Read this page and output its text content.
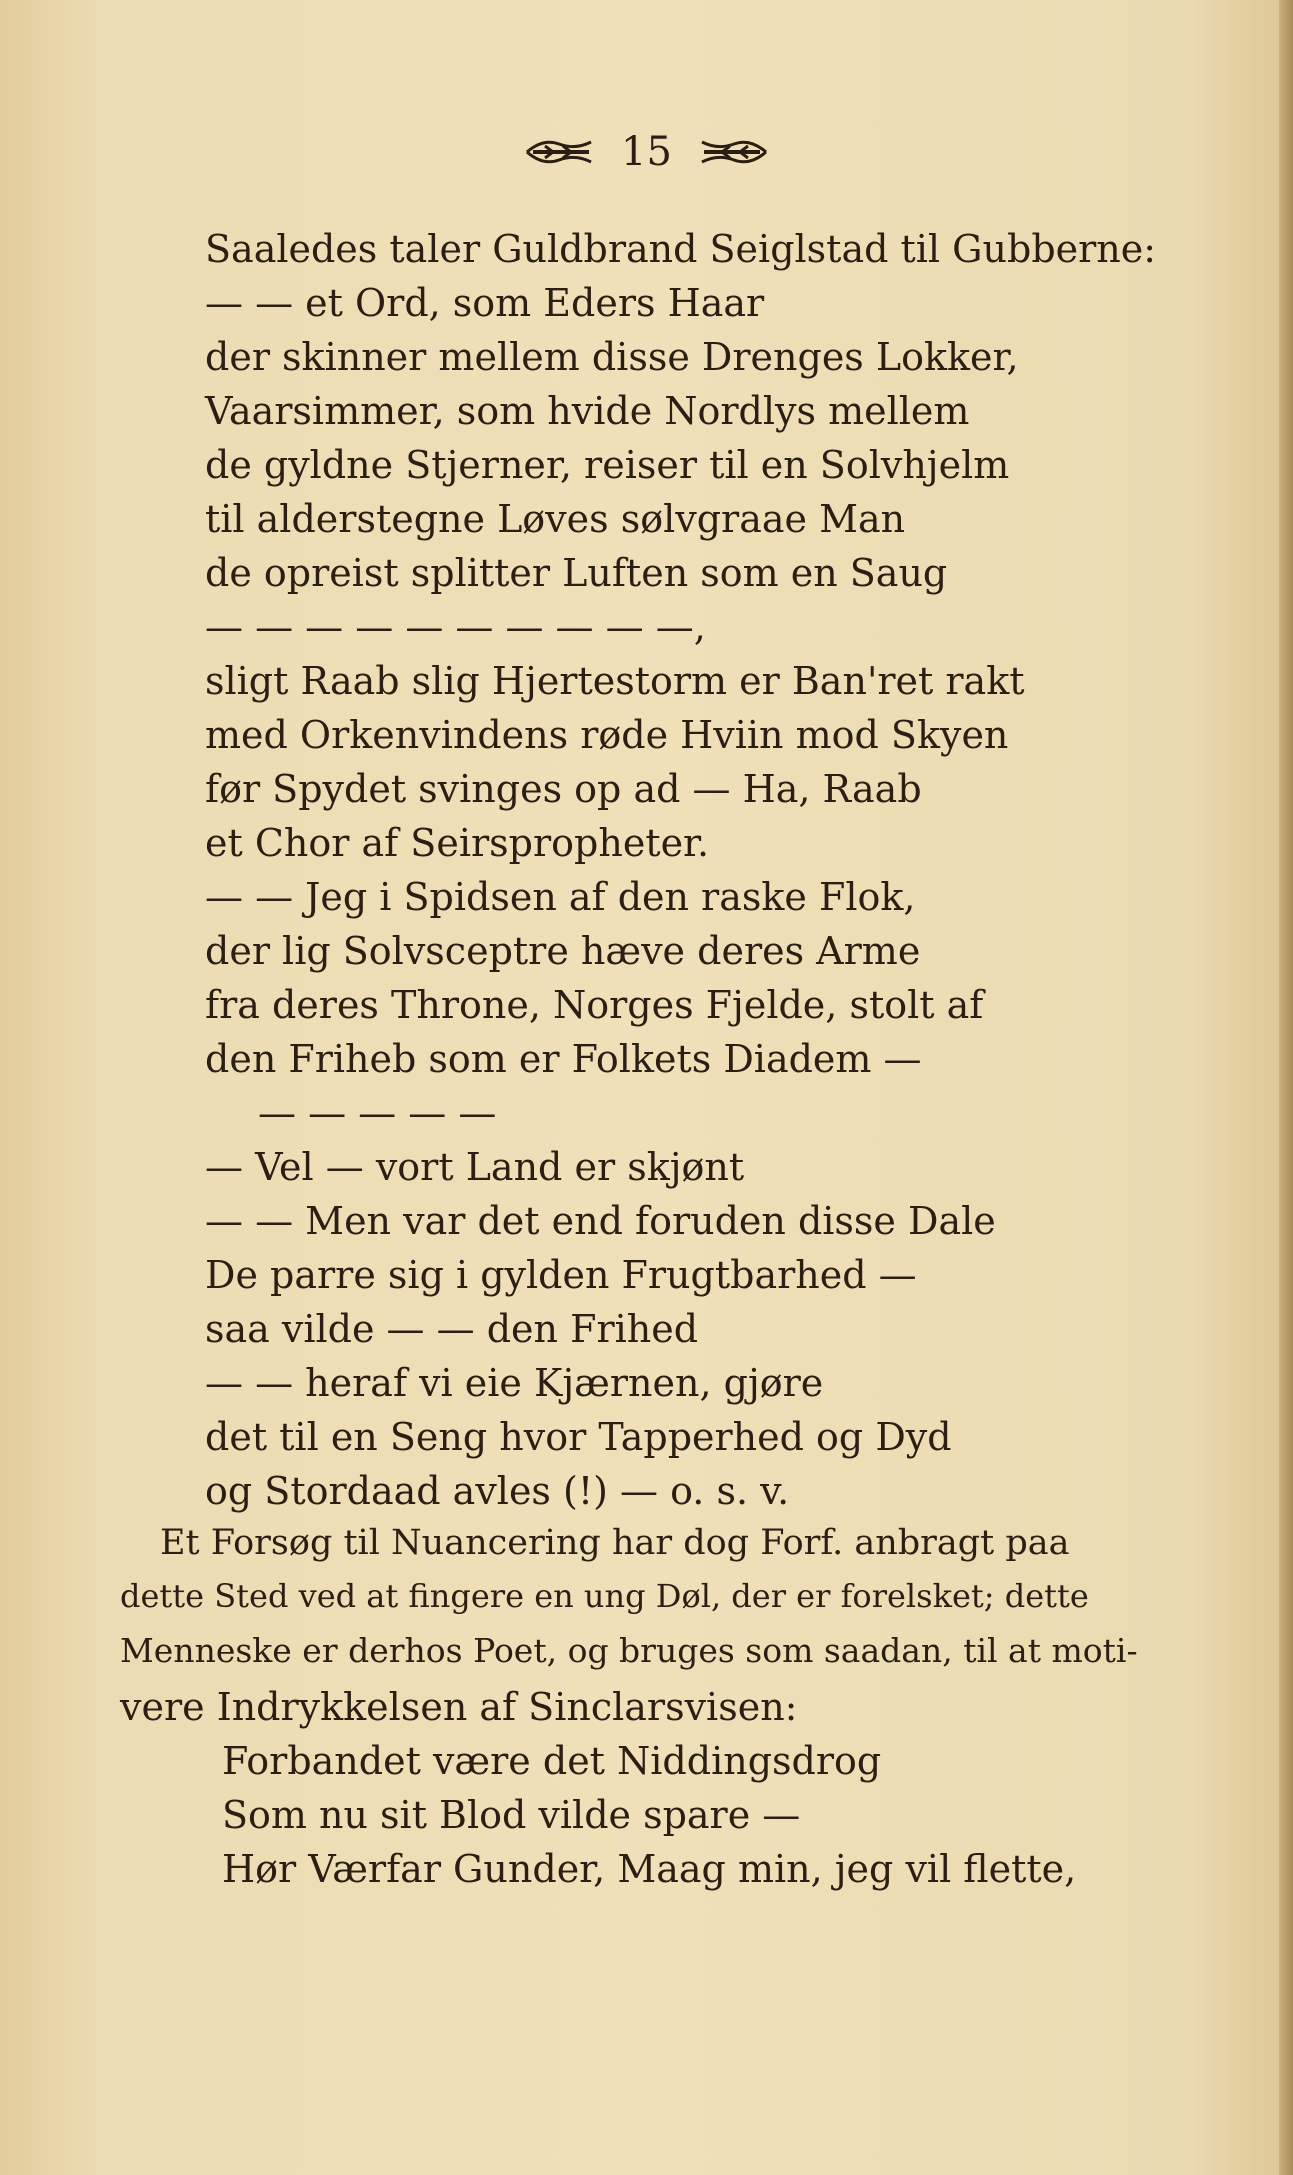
15
Saaledes taler Guldbrand Seiglstad til Gubberne:
— — et Ord, som Eders Haar
der skinner mellem disse Drenges Lokker,
Vaarsimmer, som hvide Nordlys mellem
de gyldne Stjerner, reiser til en Solvhjelm
til alderstegne Løves sølvgraae Man
de opreist splitter Luften som en Saug
— — — — — — — — — —,
sligt Raab slig Hjertestorm er Ban'ret rakt
med Orkenvindens røde Hviin mod Skyen
før Spydet svinges op ad — Ha, Raab
et Chor af Seirspropheter.
— — Jeg i Spidsen af den raske Flok,
der lig Solvsceptre hæve deres Arme
fra deres Throne, Norges Fjelde, stolt af
den Friheb som er Folkets Diadem —
— — — — —
— Vel — vort Land er skjønt
— — Men var det end foruden disse Dale
De parre sig i gylden Frugtbarhed —
saa vilde — — den Frihed
— — heraf vi eie Kjærnen, gjøre
det til en Seng hvor Tapperhed og Dyd
og Stordaad avles (!) — o. s. v.
Et Forsøg til Nuancering har dog Forf. anbragt paa
dette Sted ved at fingere en ung Døl, der er forelsket; dette
Menneske er derhos Poet, og bruges som saadan, til at moti-
vere Indrykkelsen af Sinclarsvisen:
Forbandet være det Niddingsdrog
Som nu sit Blod vilde spare —
Hør Værfar Gunder, Maag min, jeg vil flette,
